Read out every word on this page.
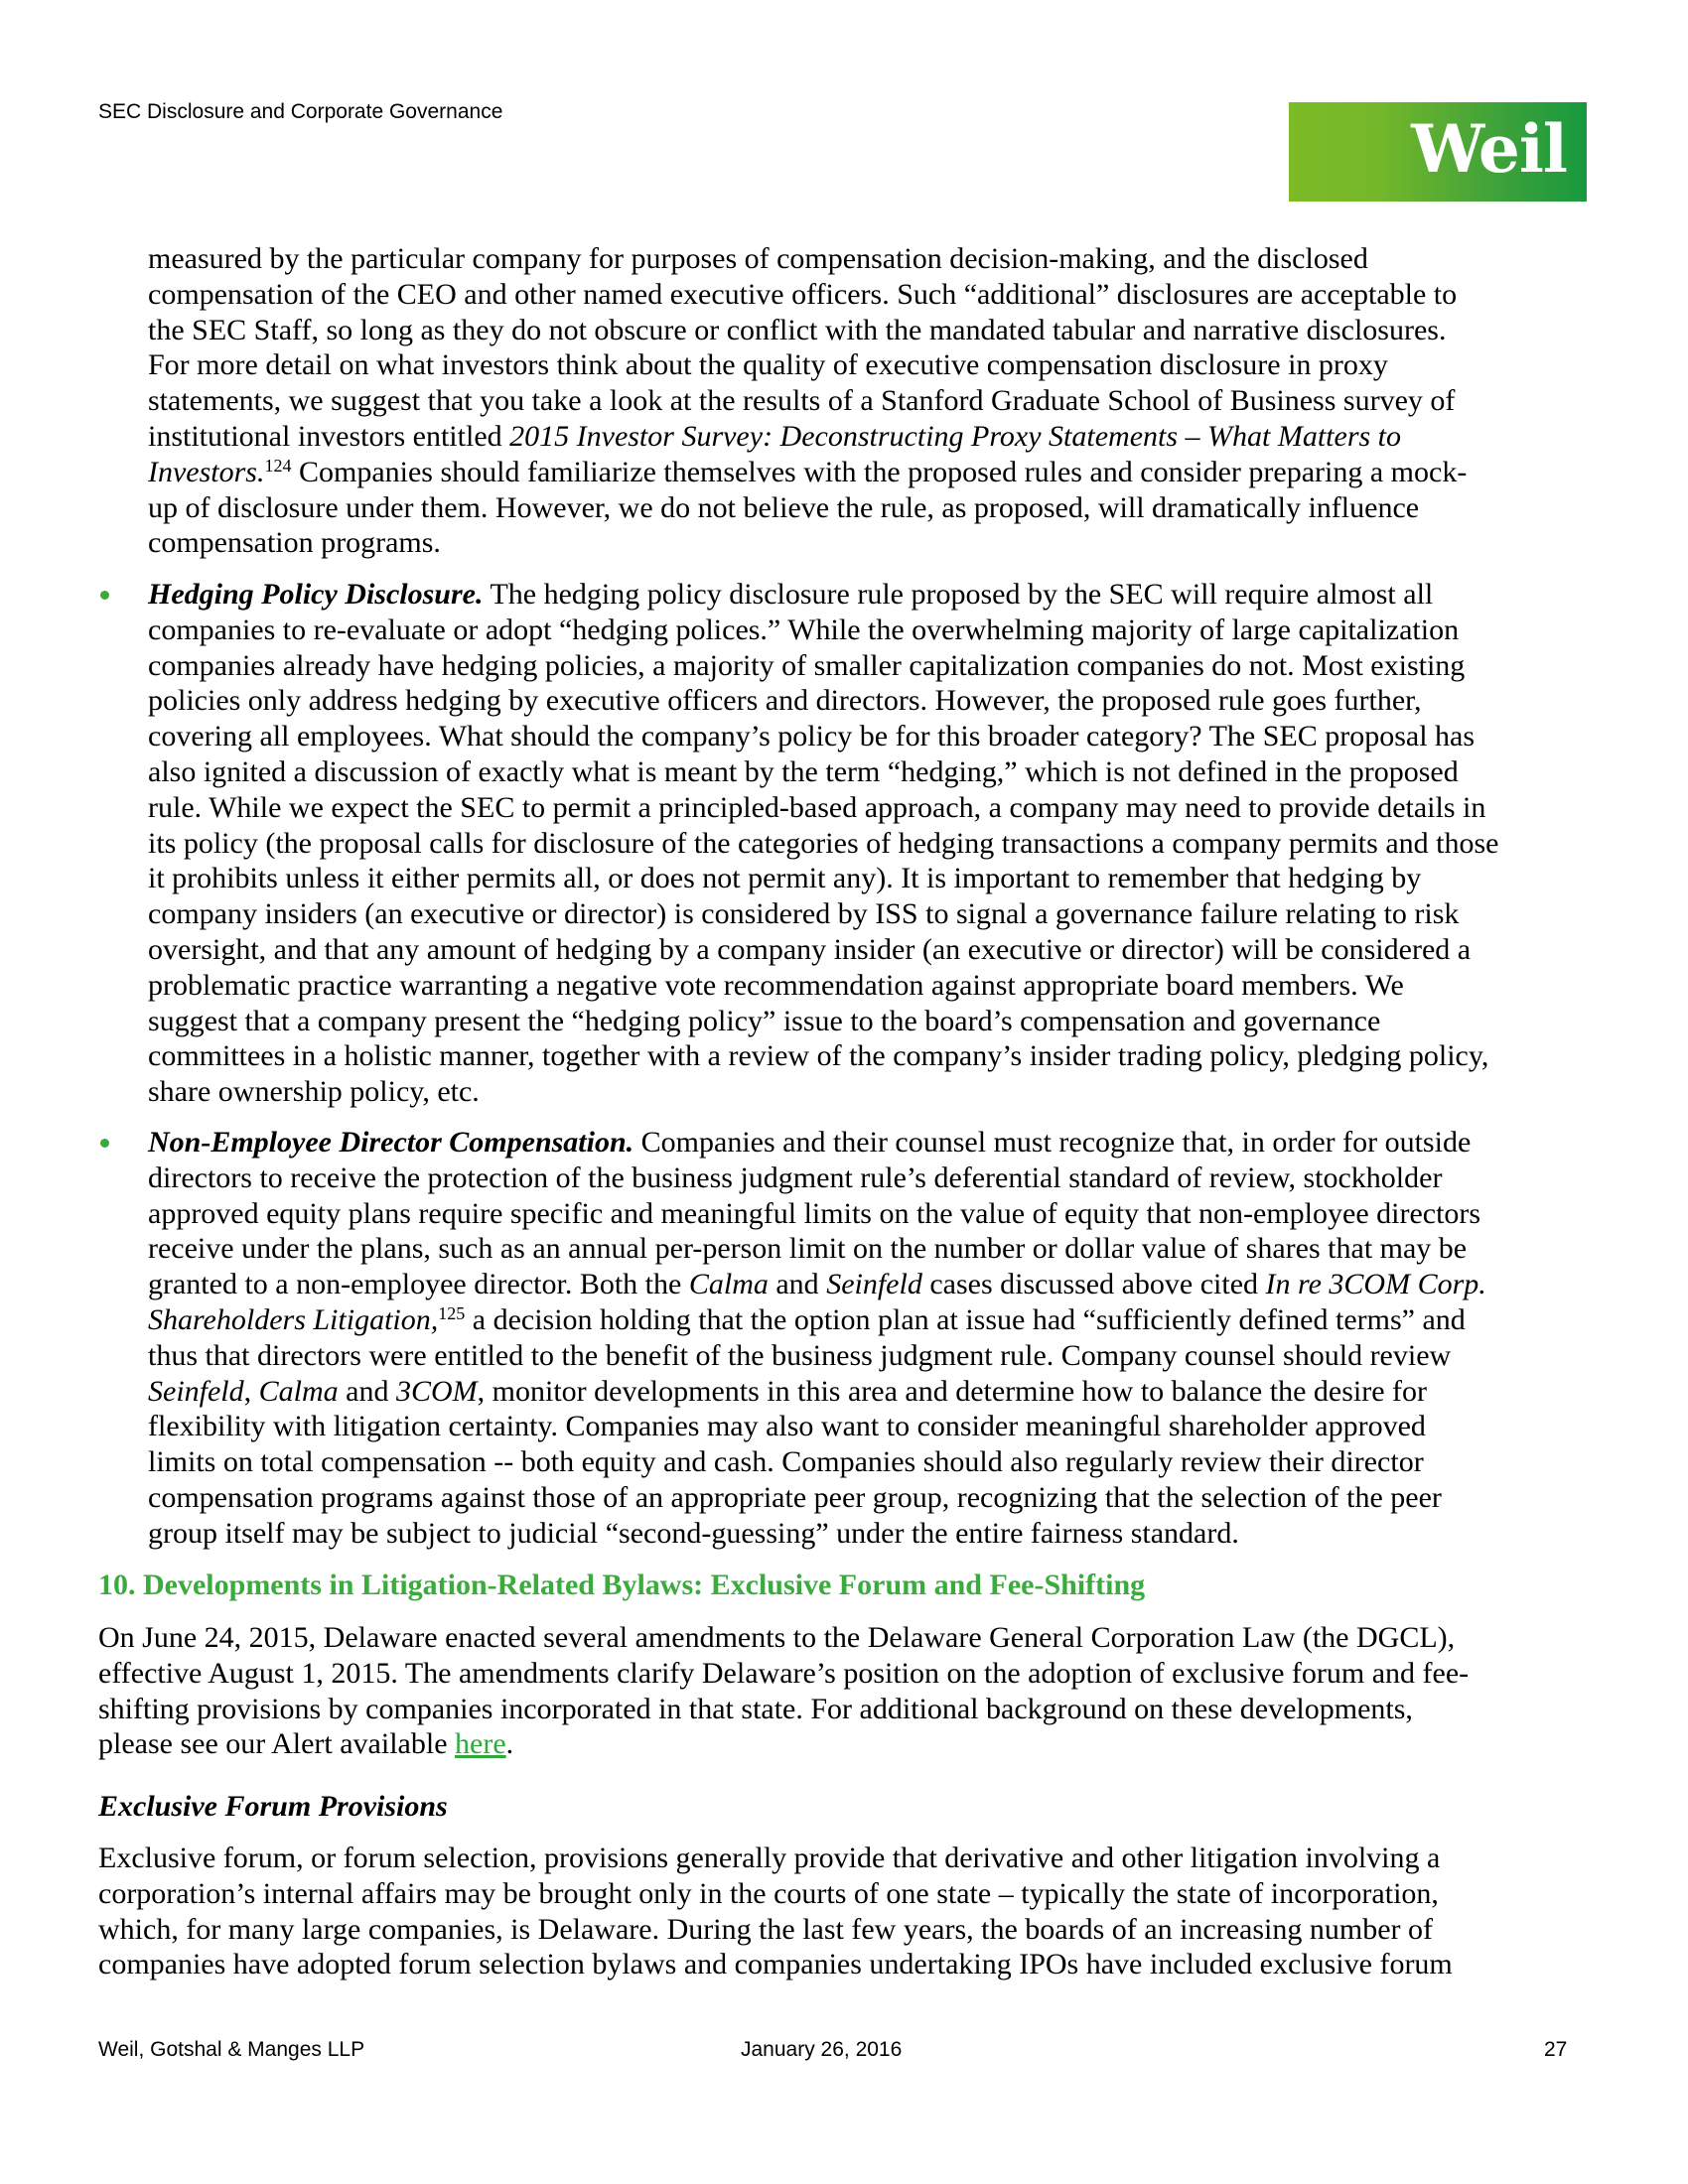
SEC Disclosure and Corporate Governance	Weil
measured by the particular company for purposes of compensation decision-making, and the disclosed
compensation of the CEO and other named executive officers. Such “additional” disclosures are acceptable to
the SEC Staff, so long as they do not obscure or conflict with the mandated tabular and narrative disclosures.
For more detail on what investors think about the quality of executive compensation disclosure in proxy
statements, we suggest that you take a look at the results of a Stanford Graduate School of Business survey of
institutional investors entitled 2015 Investor Survey: Deconstructing Proxy Statements – What Matters to
Investors.$^{124}$ Companies should familiarize themselves with the proposed rules and consider preparing a mock-
up of disclosure under them. However, we do not believe the rule, as proposed, will dramatically influence
compensation programs.
Hedging Policy Disclosure. The hedging policy disclosure rule proposed by the SEC will require almost all
companies to re-evaluate or adopt “hedging polices.” While the overwhelming majority of large capitalization
companies already have hedging policies, a majority of smaller capitalization companies do not. Most existing
policies only address hedging by executive officers and directors. However, the proposed rule goes further,
covering all employees. What should the company’s policy be for this broader category? The SEC proposal has
also ignited a discussion of exactly what is meant by the term “hedging,” which is not defined in the proposed
rule. While we expect the SEC to permit a principled-based approach, a company may need to provide details in
its policy (the proposal calls for disclosure of the categories of hedging transactions a company permits and those
it prohibits unless it either permits all, or does not permit any). It is important to remember that hedging by
company insiders (an executive or director) is considered by ISS to signal a governance failure relating to risk
oversight, and that any amount of hedging by a company insider (an executive or director) will be considered a
problematic practice warranting a negative vote recommendation against appropriate board members. We
suggest that a company present the “hedging policy” issue to the board’s compensation and governance
committees in a holistic manner, together with a review of the company’s insider trading policy, pledging policy,
share ownership policy, etc.
Non-Employee Director Compensation. Companies and their counsel must recognize that, in order for outside
directors to receive the protection of the business judgment rule’s deferential standard of review, stockholder
approved equity plans require specific and meaningful limits on the value of equity that non-employee directors
receive under the plans, such as an annual per-person limit on the number or dollar value of shares that may be
granted to a non-employee director. Both the Calma and Seinfeld cases discussed above cited In re 3COM Corp.
Shareholders Litigation,$^{125}$ a decision holding that the option plan at issue had “sufficiently defined terms” and
thus that directors were entitled to the benefit of the business judgment rule. Company counsel should review
Seinfeld, Calma and 3COM, monitor developments in this area and determine how to balance the desire for
flexibility with litigation certainty. Companies may also want to consider meaningful shareholder approved
limits on total compensation -- both equity and cash. Companies should also regularly review their director
compensation programs against those of an appropriate peer group, recognizing that the selection of the peer
group itself may be subject to judicial “second-guessing” under the entire fairness standard.
10. Developments in Litigation-Related Bylaws: Exclusive Forum and Fee-Shifting
On June 24, 2015, Delaware enacted several amendments to the Delaware General Corporation Law (the DGCL),
effective August 1, 2015. The amendments clarify Delaware’s position on the adoption of exclusive forum and fee-
shifting provisions by companies incorporated in that state. For additional background on these developments,
please see our Alert available here.
Exclusive Forum Provisions
Exclusive forum, or forum selection, provisions generally provide that derivative and other litigation involving a
corporation’s internal affairs may be brought only in the courts of one state – typically the state of incorporation,
which, for many large companies, is Delaware. During the last few years, the boards of an increasing number of
companies have adopted forum selection bylaws and companies undertaking IPOs have included exclusive forum
Weil, Gotshal & Manges LLP	January 26, 2016	27
